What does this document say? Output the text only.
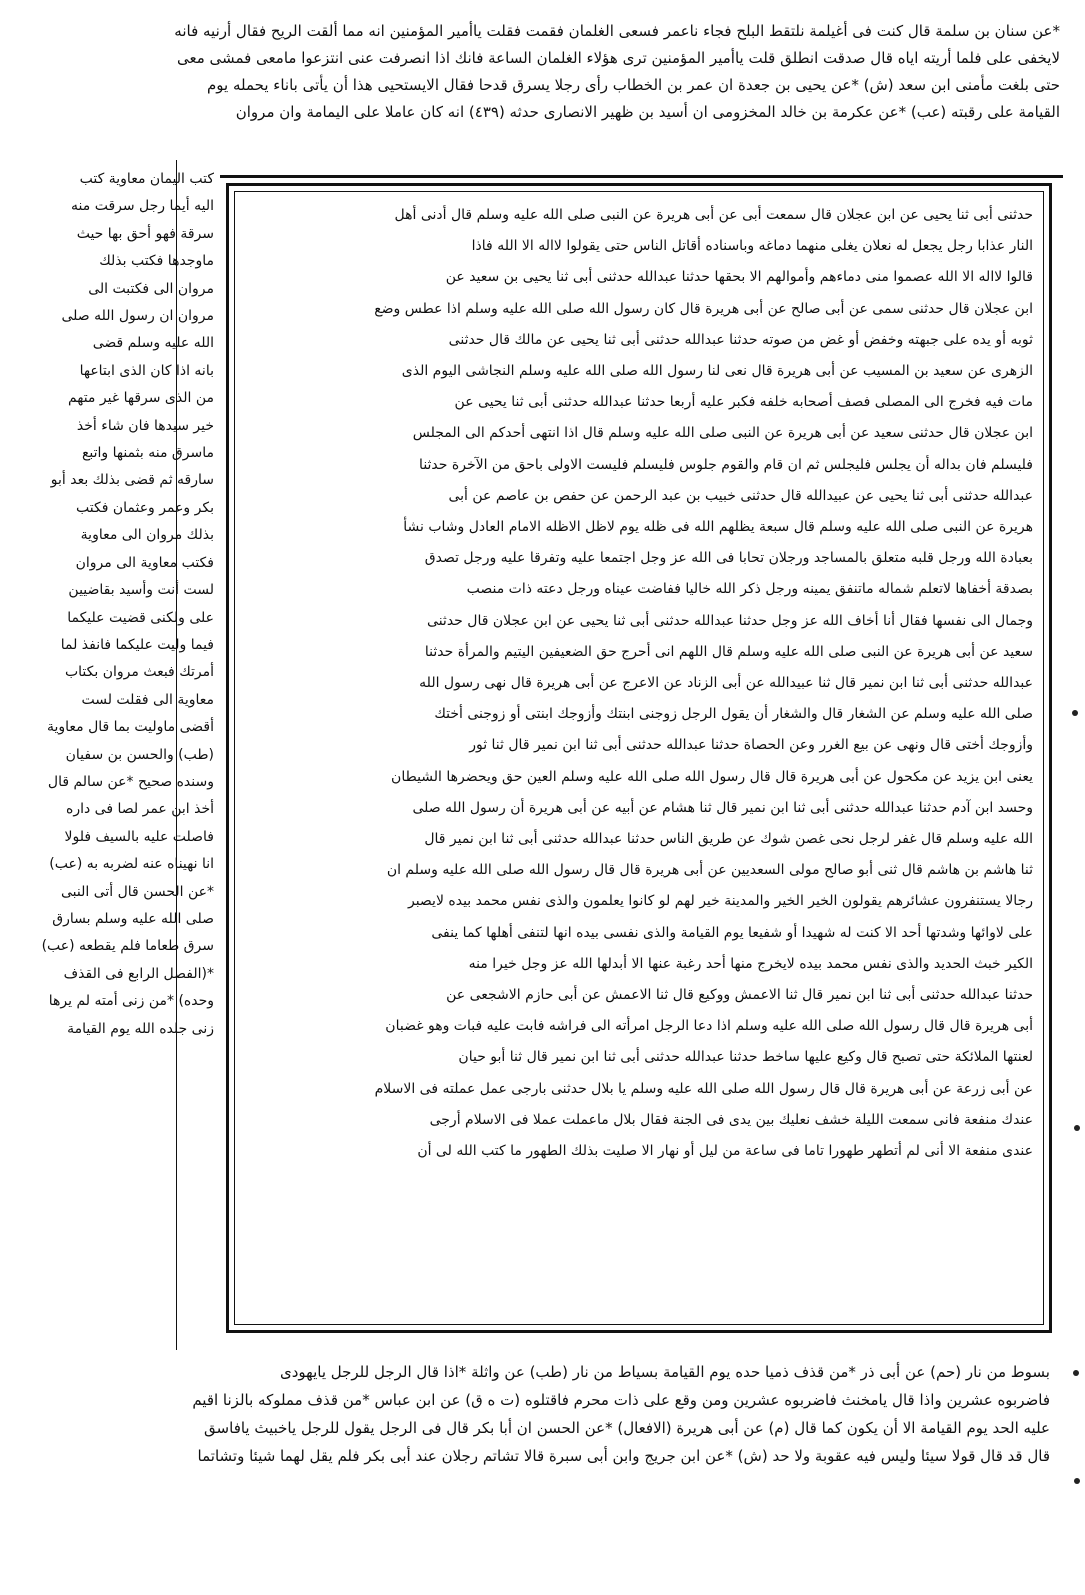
*عن سنان بن سلمة قال كنت فى أغيلمة نلتقط البلح فجاء ناعمر فسعى الغلمان فقمت فقلت ياأمير المؤمنين انه مما ألقت الريح فقال أرنيه فانه
لايخفى على فلما أريته اياه قال صدقت انطلق قلت ياأمير المؤمنين ترى هؤلاء الغلمان الساعة فانك اذا انصرفت عنى انتزعوا مامعى فمشى معى
حتى بلغت مأمنى ابن سعد (ش) *عن يحيى بن جعدة ان عمر بن الخطاب رأى رجلا يسرق قدحا فقال الايستحيى هذا أن يأتى باناء يحمله يوم
القيامة على رقبته (عب) *عن عكرمة بن خالد المخزومى ان أسيد بن ظهير الانصارى حدثه (٤٣٩) انه كان عاملا على اليمامة وان مروان
كتب اليمان معاوية كتب
اليه أيما رجل سرقت منه
سرقة فهو أحق بها حيث
ماوجدها فكتب بذلك
مروان الى فكتبت الى
مروان ان رسول الله صلى
الله عليه وسلم قضى
بانه اذا كان الذى ابتاعها
من الذى سرقها غير متهم
خير سيدها فان شاء أخذ
ماسرق منه بثمنها واتبع
سارقه ثم قضى بذلك بعد أبو
بكر وعمر وعثمان فكتب
بذلك مروان الى معاوية
فكتب معاوية الى مروان
لست أنت وأسيد بقاضيين
على ولكنى قضيت عليكما
فيما وليت عليكما فانفذ لما
أمرتك فبعث مروان بكتاب
معاوية الى فقلت لست
أقضى ماوليت بما قال معاوية
(طب) والحسن بن سفيان
وسنده صحيح *عن سالم قال
أخذ ابن عمر لصا فى داره
فاصلت عليه بالسيف فلولا
انا نهيناه عنه لضربه به (عب)
*عن الحسن قال أتى النبى
صلى الله عليه وسلم بسارق
سرق طعاما فلم يقطعه (عب)
*(الفصل الرابع فى القذف
وحده) *من زنى أمته لم يرها
زنى جلده الله يوم القيامة
حدثنى أبى ثنا يحيى عن ابن عجلان قال سمعت أبى عن أبى هريرة عن النبى صلى الله عليه وسلم قال أدنى أهل
النار عذابا رجل يجعل له نعلان يغلى منهما دماغه وباسناده أقاتل الناس حتى يقولوا لااله الا الله فاذا
قالوا لااله الا الله عصموا منى دماءهم وأموالهم الا بحقها حدثنا عبدالله حدثنى أبى ثنا يحيى بن سعيد عن
ابن عجلان قال حدثنى سمى عن أبى صالح عن أبى هريرة قال كان رسول الله صلى الله عليه وسلم اذا عطس وضع
ثوبه أو يده على جبهته وخفض أو غض من صوته حدثنا عبدالله حدثنى أبى ثنا يحيى عن مالك قال حدثنى
الزهرى عن سعيد بن المسيب عن أبى هريرة قال نعى لنا رسول الله صلى الله عليه وسلم النجاشى اليوم الذى
مات فيه فخرج الى المصلى فصف أصحابه خلفه فكبر عليه أربعا حدثنا عبدالله حدثنى أبى ثنا يحيى عن
ابن عجلان قال حدثنى سعيد عن أبى هريرة عن النبى صلى الله عليه وسلم قال اذا انتهى أحدكم الى المجلس
فليسلم فان بداله أن يجلس فليجلس ثم ان قام والقوم جلوس فليسلم فليست الاولى باحق من الآخرة حدثنا
عبدالله حدثنى أبى ثنا يحيى عن عبيدالله قال حدثنى خبيب بن عبد الرحمن عن حفص بن عاصم عن أبى
هريرة عن النبى صلى الله عليه وسلم قال سبعة يظلهم الله فى ظله يوم لاظل الاظله الامام العادل وشاب نشأ
بعبادة الله ورجل قلبه متعلق بالمساجد ورجلان تحابا فى الله عز وجل اجتمعا عليه وتفرقا عليه ورجل تصدق
بصدقة أخفاها لاتعلم شماله ماتنفق يمينه ورجل ذكر الله خاليا ففاضت عيناه ورجل دعته ذات منصب
وجمال الى نفسها فقال أنا أخاف الله عز وجل حدثنا عبدالله حدثنى أبى ثنا يحيى عن ابن عجلان قال حدثنى
سعيد عن أبى هريرة عن النبى صلى الله عليه وسلم قال اللهم انى أحرج حق الضعيفين اليتيم والمرأة حدثنا
عبدالله حدثنى أبى ثنا ابن نمير قال ثنا عبيدالله عن أبى الزناد عن الاعرج عن أبى هريرة قال نهى رسول الله
صلى الله عليه وسلم عن الشغار قال والشغار أن يقول الرجل زوجنى ابنتك وأزوجك ابنتى أو زوجنى أختك
وأزوجك أختى قال ونهى عن بيع الغرر وعن الحصاة حدثنا عبدالله حدثنى أبى ثنا ابن نمير قال ثنا ثور
يعنى ابن يزيد عن مكحول عن أبى هريرة قال قال رسول الله صلى الله عليه وسلم العين حق ويحضرها الشيطان
وحسد ابن آدم حدثنا عبدالله حدثنى أبى ثنا ابن نمير قال ثنا هشام عن أبيه عن أبى هريرة أن رسول الله صلى
الله عليه وسلم قال غفر لرجل نحى غصن شوك عن طريق الناس حدثنا عبدالله حدثنى أبى ثنا ابن نمير قال
ثنا هاشم بن هاشم قال ثنى أبو صالح مولى السعديين عن أبى هريرة قال قال رسول الله صلى الله عليه وسلم ان
رجالا يستنفرون عشائرهم يقولون الخير الخير والمدينة خير لهم لو كانوا يعلمون والذى نفس محمد بيده لايصبر
على لاوائها وشدتها أحد الا كنت له شهيدا أو شفيعا يوم القيامة والذى نفسى بيده انها لتنفى أهلها كما ينفى
الكير خبث الحديد والذى نفس محمد بيده لايخرج منها أحد رغبة عنها الا أبدلها الله عز وجل خيرا منه
حدثنا عبدالله حدثنى أبى ثنا ابن نمير قال ثنا الاعمش ووكيع قال ثنا الاعمش عن أبى حازم الاشجعى عن
أبى هريرة قال قال رسول الله صلى الله عليه وسلم اذا دعا الرجل امرأته الى فراشه فابت عليه فبات وهو غضبان
لعنتها الملائكة حتى تصبح قال وكيع عليها ساخط حدثنا عبدالله حدثنى أبى ثنا ابن نمير قال ثنا أبو حيان
عن أبى زرعة عن أبى هريرة قال قال رسول الله صلى الله عليه وسلم يا بلال حدثنى بارجى عمل عملته فى الاسلام
عندك منفعة فانى سمعت الليلة خشف نعليك بين يدى فى الجنة فقال بلال ماعملت عملا فى الاسلام أرجى
عندى منفعة الا أنى لم أتطهر طهورا تاما فى ساعة من ليل أو نهار الا صليت بذلك الطهور ما كتب الله لى أن
بسوط من نار (حم) عن أبى ذر *من قذف ذميا حده يوم القيامة بسياط من نار (طب) عن واثلة *اذا قال الرجل للرجل يايهودى
فاضربوه عشرين واذا قال يامخنث فاضربوه عشرين ومن وقع على ذات محرم فاقتلوه (ت ه ق) عن ابن عباس *من قذف مملوكه بالزنا اقيم
عليه الحد يوم القيامة الا أن يكون كما قال (م) عن أبى هريرة (الافعال) *عن الحسن ان أبا بكر قال فى الرجل يقول للرجل ياخبيث يافاسق
قال قد قال قولا سيئا وليس فيه عقوبة ولا حد (ش) *عن ابن جريج وابن أبى سبرة قالا تشاتم رجلان عند أبى بكر فلم يقل لهما شيئا وتشاتما
